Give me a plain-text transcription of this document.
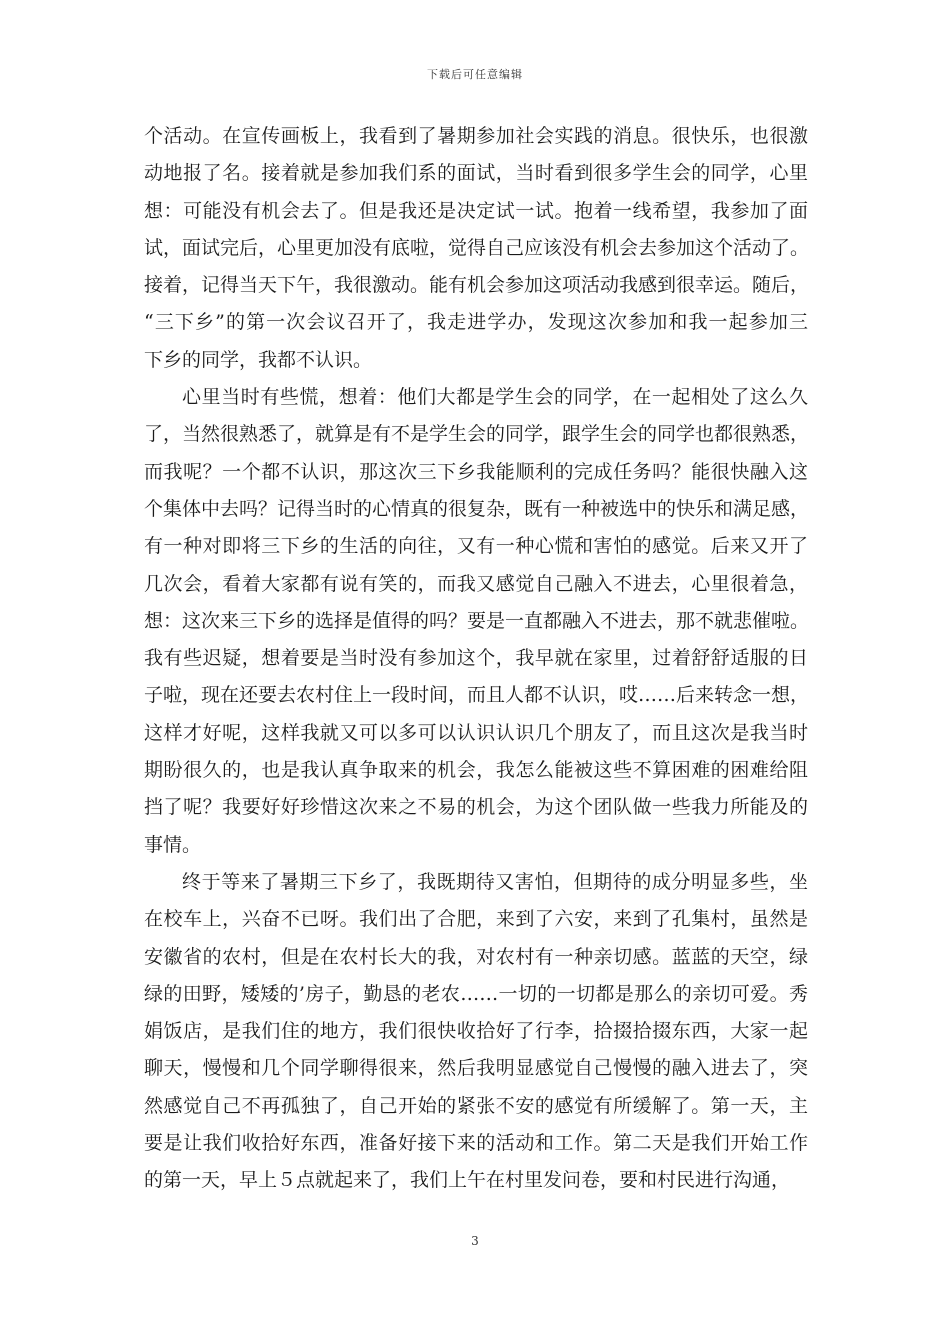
下载后可任意编辑
个活动。在宣传画板上，我看到了暑期参加社会实践的消息。很快乐，也很激
动地报了名。接着就是参加我们系的面试，当时看到很多学生会的同学，心里
想：可能没有机会去了。但是我还是决定试一试。抱着一线希望，我参加了面
试，面试完后，心里更加没有底啦，觉得自己应该没有机会去参加这个活动了。
接着，记得当天下午，我很激动。能有机会参加这项活动我感到很幸运。随后，
“三下乡”的第一次会议召开了，我走进学办，发现这次参加和我一起参加三
下乡的同学，我都不认识。
心里当时有些慌，想着：他们大都是学生会的同学，在一起相处了这么久
了，当然很熟悉了，就算是有不是学生会的同学，跟学生会的同学也都很熟悉，
而我呢？一个都不认识，那这次三下乡我能顺利的完成任务吗？能很快融入这
个集体中去吗？记得当时的心情真的很复杂，既有一种被选中的快乐和满足感，
有一种对即将三下乡的生活的向往，又有一种心慌和害怕的感觉。后来又开了
几次会，看着大家都有说有笑的，而我又感觉自己融入不进去，心里很着急，
想：这次来三下乡的选择是值得的吗？要是一直都融入不进去，那不就悲催啦。
我有些迟疑，想着要是当时没有参加这个，我早就在家里，过着舒舒适服的日
子啦，现在还要去农村住上一段时间，而且人都不认识，哎……后来转念一想，
这样才好呢，这样我就又可以多可以认识认识几个朋友了，而且这次是我当时
期盼很久的，也是我认真争取来的机会，我怎么能被这些不算困难的困难给阻
挡了呢？我要好好珍惜这次来之不易的机会，为这个团队做一些我力所能及的
事情。
终于等来了暑期三下乡了，我既期待又害怕，但期待的成分明显多些，坐
在校车上，兴奋不已呀。我们出了合肥，来到了六安，来到了孔集村，虽然是
安徽省的农村，但是在农村长大的我，对农村有一种亲切感。蓝蓝的天空，绿
绿的田野，矮矮的’房子，勤恳的老农……一切的一切都是那么的亲切可爱。秀
娟饭店，是我们住的地方，我们很快收拾好了行李，拾掇拾掇东西，大家一起
聊天，慢慢和几个同学聊得很来，然后我明显感觉自己慢慢的融入进去了，突
然感觉自己不再孤独了，自己开始的紧张不安的感觉有所缓解了。第一天，主
要是让我们收拾好东西，准备好接下来的活动和工作。第二天是我们开始工作
的第一天，早上５点就起来了，我们上午在村里发问卷，要和村民进行沟通，
3
